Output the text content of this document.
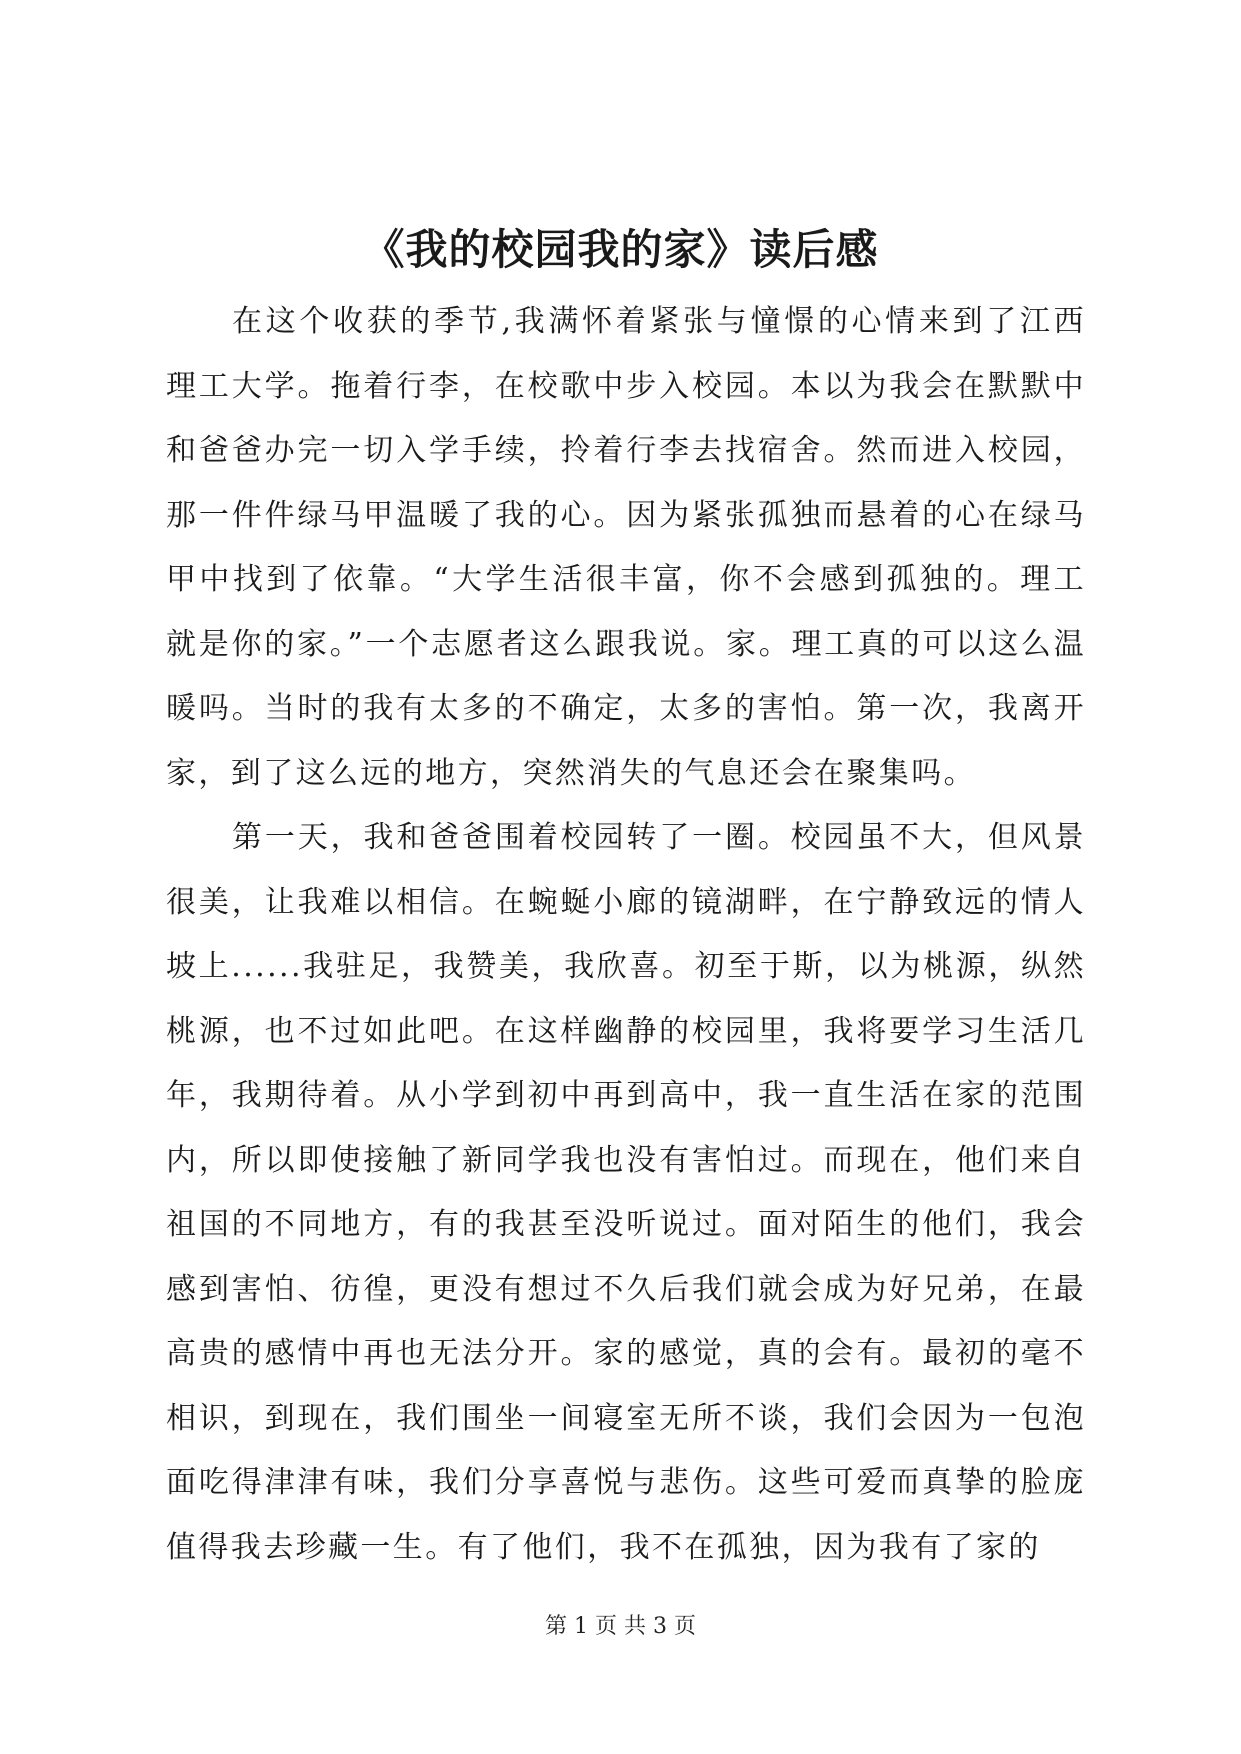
《我的校园我的家》读后感

在这个收获的季节,我满怀着紧张与憧憬的心情来到了江西理工大学。拖着行李，在校歌中步入校园。本以为我会在默默中和爸爸办完一切入学手续，拎着行李去找宿舍。然而进入校园，那一件件绿马甲温暖了我的心。因为紧张孤独而悬着的心在绿马甲中找到了依靠。“大学生活很丰富，你不会感到孤独的。理工就是你的家。”一个志愿者这么跟我说。家。理工真的可以这么温暖吗。当时的我有太多的不确定，太多的害怕。第一次，我离开家，到了这么远的地方，突然消失的气息还会在聚集吗。

第一天，我和爸爸围着校园转了一圈。校园虽不大，但风景很美，让我难以相信。在蜿蜒小廊的镜湖畔，在宁静致远的情人坡上......我驻足，我赞美，我欣喜。初至于斯，以为桃源，纵然桃源，也不过如此吧。在这样幽静的校园里，我将要学习生活几年，我期待着。从小学到初中再到高中，我一直生活在家的范围内，所以即使接触了新同学我也没有害怕过。而现在，他们来自祖国的不同地方，有的我甚至没听说过。面对陌生的他们，我会感到害怕、彷徨，更没有想过不久后我们就会成为好兄弟，在最高贵的感情中再也无法分开。家的感觉，真的会有。最初的毫不相识，到现在，我们围坐一间寝室无所不谈，我们会因为一包泡面吃得津津有味，我们分享喜悦与悲伤。这些可爱而真挚的脸庞值得我去珍藏一生。有了他们，我不在孤独，因为我有了家的

第 1 页 共 3 页
